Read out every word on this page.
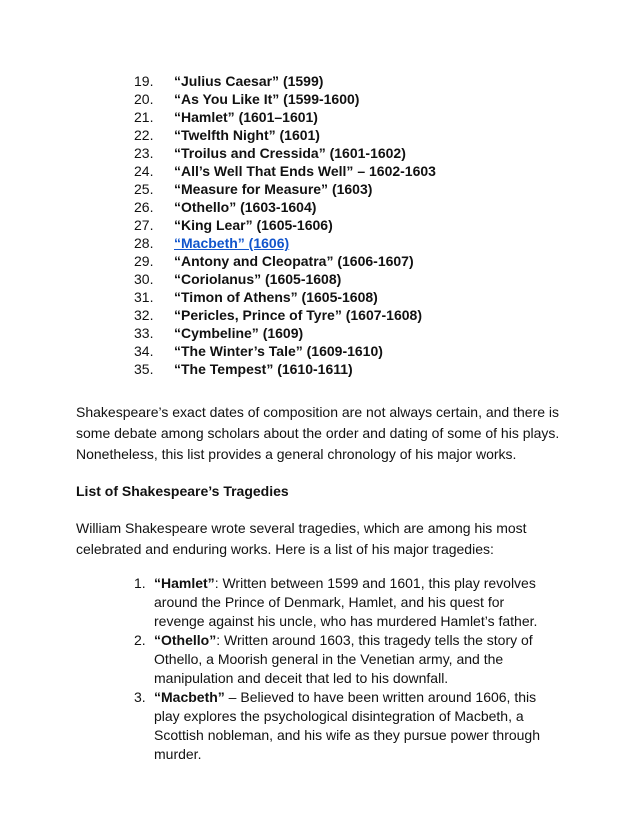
19.	“Julius Caesar” (1599)
20.	“As You Like It” (1599-1600)
21.	“Hamlet” (1601–1601)
22.	“Twelfth Night” (1601)
23.	“Troilus and Cressida” (1601-1602)
24.	“All’s Well That Ends Well” – 1602-1603
25.	“Measure for Measure” (1603)
26.	“Othello” (1603-1604)
27.	“King Lear” (1605-1606)
28.	“Macbeth” (1606)
29.	“Antony and Cleopatra” (1606-1607)
30.	“Coriolanus” (1605-1608)
31.	“Timon of Athens” (1605-1608)
32.	“Pericles, Prince of Tyre” (1607-1608)
33.	“Cymbeline” (1609)
34.	“The Winter’s Tale” (1609-1610)
35.	“The Tempest” (1610-1611)

Shakespeare’s exact dates of composition are not always certain, and there is some debate among scholars about the order and dating of some of his plays. Nonetheless, this list provides a general chronology of his major works.

List of Shakespeare’s Tragedies

William Shakespeare wrote several tragedies, which are among his most celebrated and enduring works. Here is a list of his major tragedies:

1. “Hamlet”: Written between 1599 and 1601, this play revolves around the Prince of Denmark, Hamlet, and his quest for revenge against his uncle, who has murdered Hamlet’s father.
2. “Othello”: Written around 1603, this tragedy tells the story of Othello, a Moorish general in the Venetian army, and the manipulation and deceit that led to his downfall.
3. “Macbeth” – Believed to have been written around 1606, this play explores the psychological disintegration of Macbeth, a Scottish nobleman, and his wife as they pursue power through murder.
